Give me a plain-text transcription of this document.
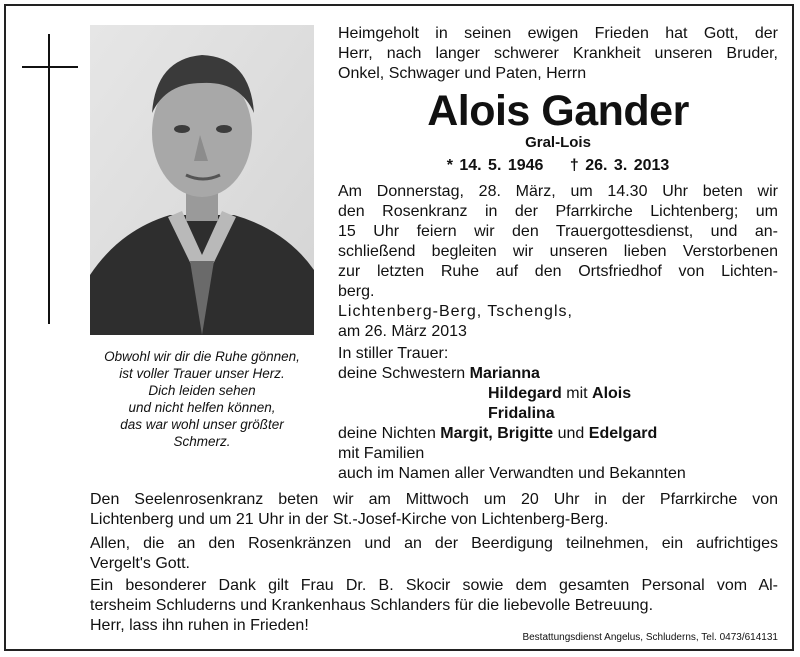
Obwohl wir dir die Ruhe gönnen,
ist voller Trauer unser Herz.
Dich leiden sehen
und nicht helfen können,
das war wohl unser größter
Schmerz.
Heimgeholt in seinen ewigen Frieden hat Gott, der
Herr, nach langer schwerer Krankheit unseren Bruder,
Onkel, Schwager und Paten, Herrn
Alois Gander
Gral-Lois
* 14. 5. 1946 † 26. 3. 2013
Am Donnerstag, 28. März, um 14.30 Uhr beten wir
den Rosenkranz in der Pfarrkirche Lichtenberg; um
15 Uhr feiern wir den Trauergottesdienst, und an-
schließend begleiten wir unseren lieben Verstorbenen
zur letzten Ruhe auf den Ortsfriedhof von Lichten-
berg.
Lichtenberg-Berg, Tschengls,
am 26. März 2013
In stiller Trauer:
deine Schwestern Marianna
Hildegard mit Alois
Fridalina
deine Nichten Margit, Brigitte und Edelgard
mit Familien
auch im Namen aller Verwandten und Bekannten
Den Seelenrosenkranz beten wir am Mittwoch um 20 Uhr in der Pfarrkirche von
Lichtenberg und um 21 Uhr in der St.-Josef-Kirche von Lichtenberg-Berg.
Allen, die an den Rosenkränzen und an der Beerdigung teilnehmen, ein aufrichtiges
Vergelt's Gott.
Ein besonderer Dank gilt Frau Dr. B. Skocir sowie dem gesamten Personal vom Al-
tersheim Schluderns und Krankenhaus Schlanders für die liebevolle Betreuung.
Herr, lass ihn ruhen in Frieden!
Bestattungsdienst Angelus, Schluderns, Tel. 0473/614131
